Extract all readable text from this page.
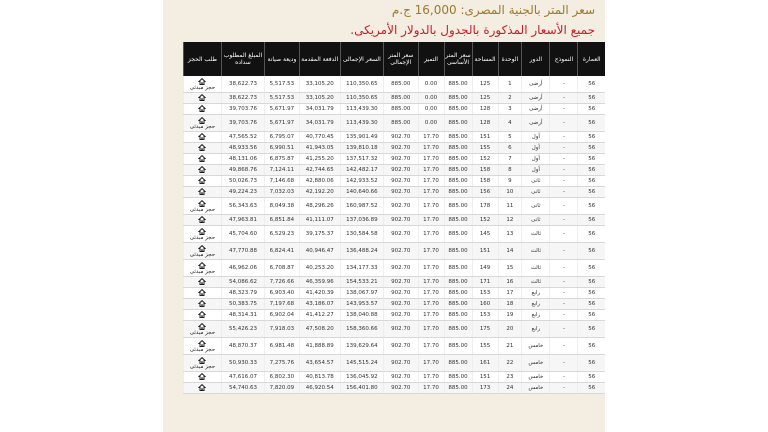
سعر المتر بالجنية المصرى: 16,000 ج.م
جميع الأسعار المذكورة بالجدول بالدولار الأمريكى.
العمارة	النموذج	الدور	الوحدة	المساحة	سعر المتر الأساسى	التميز	سعر المتر الإجمالى	السعر الإجمالى	الدفعة المقدمة	وديعة صيانة	المبلغ المطلوب سداده	طلب الحجز
56	-	أرضى	1	125	885.00	0.00	885.00	110,350.65	33,105.20	5,517.53	38,622.73	حجز مبدئى
56	-	أرضى	2	125	885.00	0.00	885.00	110,350.65	33,105.20	5,517.53	38,622.73	

56	-	أرضى	3	128	885.00	0.00	885.00	113,439.30	34,031.79	5,671.97	39,703.76	

56	-	أرضى	4	128	885.00	0.00	885.00	113,439.30	34,031.79	5,671.97	39,703.76	حجز مبدئى
56	-	أول	5	151	885.00	17.70	902.70	135,901.49	40,770.45	6,795.07	47,565.52	

56	-	أول	6	155	885.00	17.70	902.70	139,810.18	41,943.05	6,990.51	48,933.56	

56	-	أول	7	152	885.00	17.70	902.70	137,517.32	41,255.20	6,875.87	48,131.06	

56	-	أول	8	158	885.00	17.70	902.70	142,482.17	42,744.65	7,124.11	49,868.76	

56	-	ثانى	9	158	885.00	17.70	902.70	142,933.52	42,880.06	7,146.68	50,026.73	

56	-	ثانى	10	156	885.00	17.70	902.70	140,640.66	42,192.20	7,032.03	49,224.23	

56	-	ثانى	11	178	885.00	17.70	902.70	160,987.52	48,296.26	8,049.38	56,343.63	حجز مبدئى
56	-	ثانى	12	152	885.00	17.70	902.70	137,036.89	41,111.07	6,851.84	47,963.81	

56	-	ثالث	13	145	885.00	17.70	902.70	130,584.58	39,175.37	6,529.23	45,704.60	حجز مبدئى
56	-	ثالث	14	151	885.00	17.70	902.70	136,488.24	40,946.47	6,824.41	47,770.88	حجز مبدئى
56	-	ثالث	15	149	885.00	17.70	902.70	134,177.33	40,253.20	6,708.87	46,962.06	حجز مبدئى
56	-	ثالث	16	171	885.00	17.70	902.70	154,533.21	46,359.96	7,726.66	54,086.62	

56	-	رابع	17	153	885.00	17.70	902.70	138,067.97	41,420.39	6,903.40	48,323.79	

56	-	رابع	18	160	885.00	17.70	902.70	143,953.57	43,186.07	7,197.68	50,383.75	

56	-	رابع	19	153	885.00	17.70	902.70	138,040.88	41,412.27	6,902.04	48,314.31	

56	-	رابع	20	175	885.00	17.70	902.70	158,360.66	47,508.20	7,918.03	55,426.23	حجز مبدئى
56	-	خامس	21	155	885.00	17.70	902.70	139,629.64	41,888.89	6,981.48	48,870.37	حجز مبدئى
56	-	خامس	22	161	885.00	17.70	902.70	145,515.24	43,654.57	7,275.76	50,930.33	حجز مبدئى
56	-	خامس	23	151	885.00	17.70	902.70	136,045.92	40,813.78	6,802.30	47,616.07	

56	-	خامس	24	173	885.00	17.70	902.70	156,401.80	46,920.54	7,820.09	54,740.63	
